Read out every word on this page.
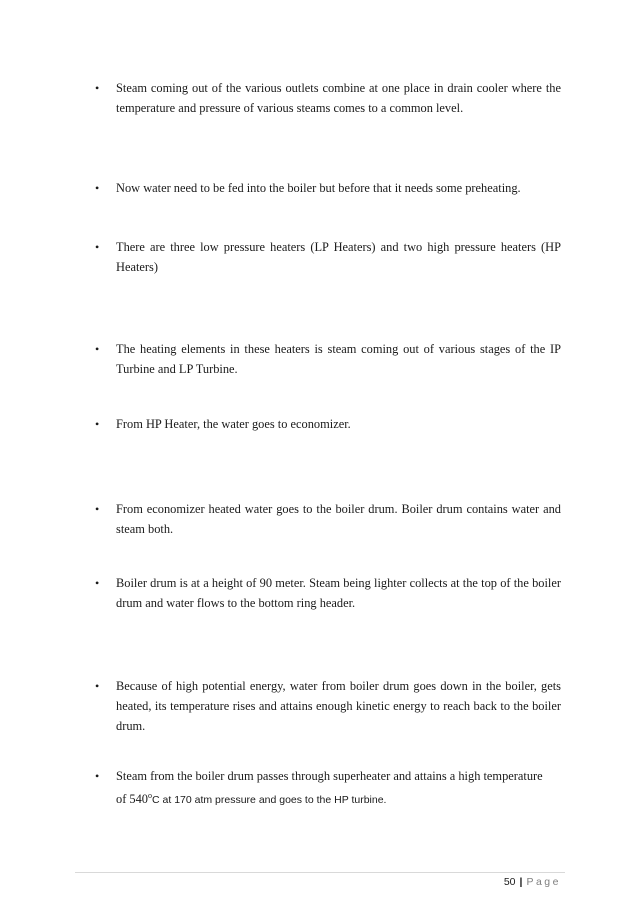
• Steam coming out of the various outlets combine at one place in drain cooler where the temperature and pressure of various steams comes to a common level.
• Now water need to be fed into the boiler but before that it needs some preheating.
• There are three low pressure heaters (LP Heaters) and two high pressure heaters (HP Heaters)
• The heating elements in these heaters is steam coming out of various stages of the IP Turbine and LP Turbine.
• From HP Heater, the water goes to economizer.
• From economizer heated water goes to the boiler drum. Boiler drum contains water and steam both.
• Boiler drum is at a height of 90 meter. Steam being lighter collects at the top of the boiler drum and water flows to the bottom ring header.
• Because of high potential energy, water from boiler drum goes down in the boiler, gets heated, its temperature rises and attains enough kinetic energy to reach back to the boiler drum.
• Steam from the boiler drum passes through superheater and attains a high temperature
of 540$^o$C at 170 atm pressure and goes to the HP turbine.
50 | Page
